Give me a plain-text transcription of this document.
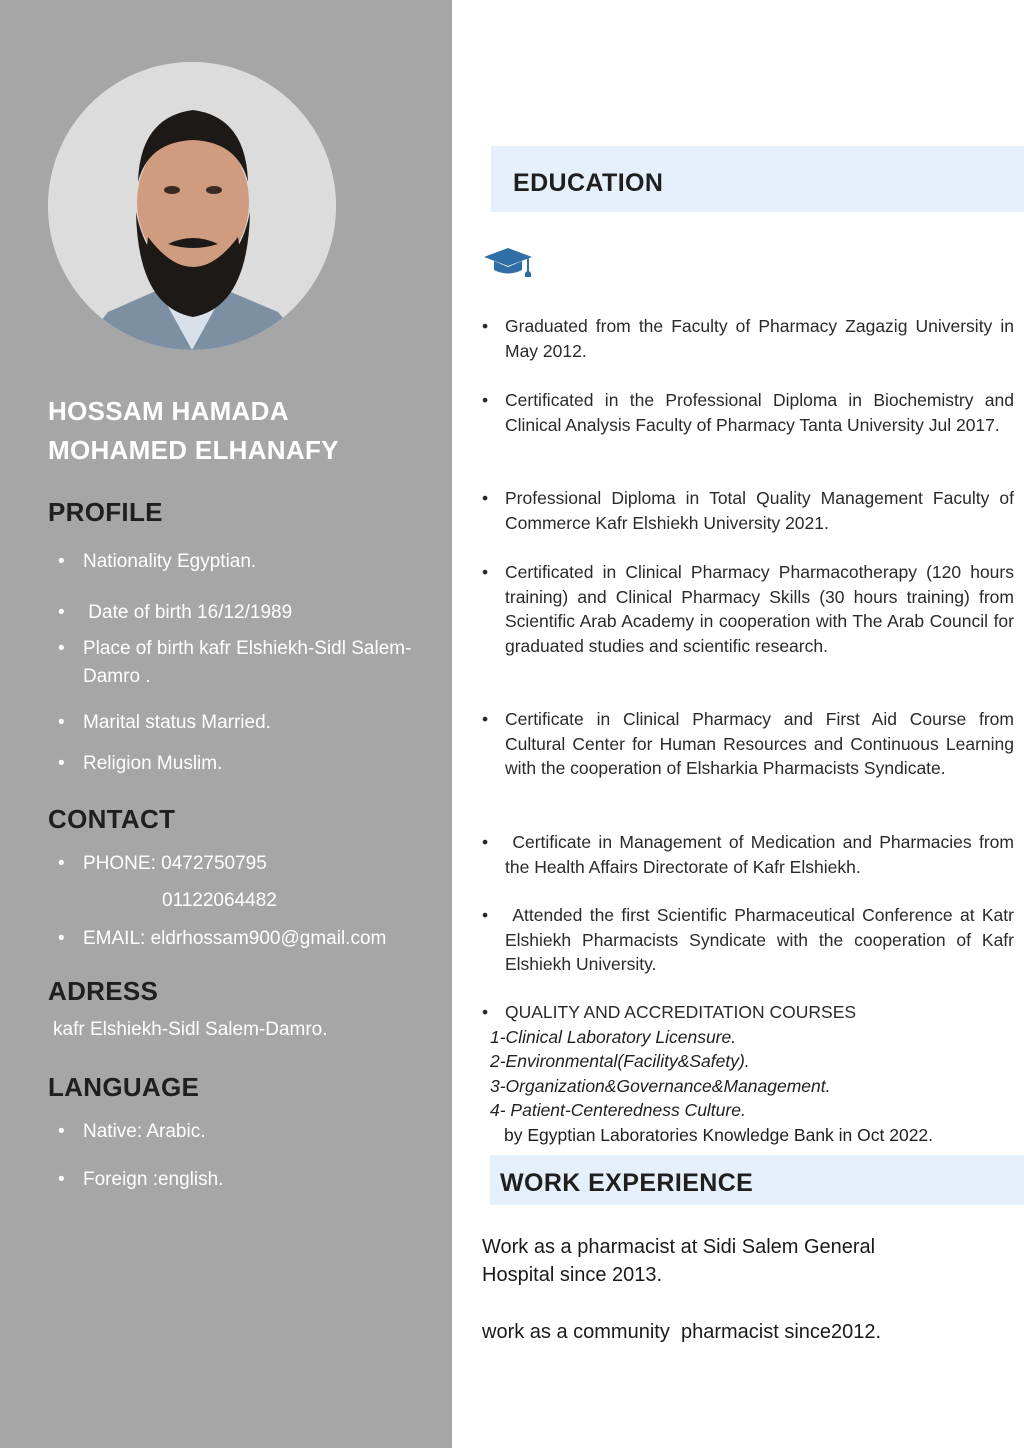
HOSSAM HAMADA
MOHAMED ELHANAFY
PROFILE
• Nationality Egyptian.
• Date of birth 16/12/1989
• Place of birth kafr Elshiekh-Sidl Salem-Damro .
• Marital status Married.
• Religion Muslim.
CONTACT
• PHONE: 0472750795
01122064482
• EMAIL: eldrhossam900@gmail.com
ADRESS
kafr Elshiekh-Sidl Salem-Damro.
LANGUAGE
• Native: Arabic.
• Foreign :english.
EDUCATION
• Graduated from the Faculty of Pharmacy Zagazig University in May 2012.
• Certificated in the Professional Diploma in Biochemistry and Clinical Analysis Faculty of Pharmacy Tanta University Jul 2017.
• Professional Diploma in Total Quality Management Faculty of Commerce Kafr Elshiekh University 2021.
• Certificated in Clinical Pharmacy Pharmacotherapy (120 hours training) and Clinical Pharmacy Skills (30 hours training) from Scientific Arab Academy in cooperation with The Arab Council for graduated studies and scientific research.
• Certificate in Clinical Pharmacy and First Aid Course from Cultural Center for Human Resources and Continuous Learning with the cooperation of Elsharkia Pharmacists Syndicate.
• Certificate in Management of Medication and Pharmacies from the Health Affairs Directorate of Kafr Elshiekh.
• Attended the first Scientific Pharmaceutical Conference at Katr Elshiekh Pharmacists Syndicate with the cooperation of Kafr Elshiekh University.
• QUALITY AND ACCREDITATION COURSES
1-Clinical Laboratory Licensure.
2-Environmental(Facility&Safety).
3-Organization&Governance&Management.
4- Patient-Centeredness Culture.
by Egyptian Laboratories Knowledge Bank in Oct 2022.
WORK EXPERIENCE
Work as a pharmacist at Sidi Salem General
Hospital since 2013.
work as a community  pharmacist since2012.
